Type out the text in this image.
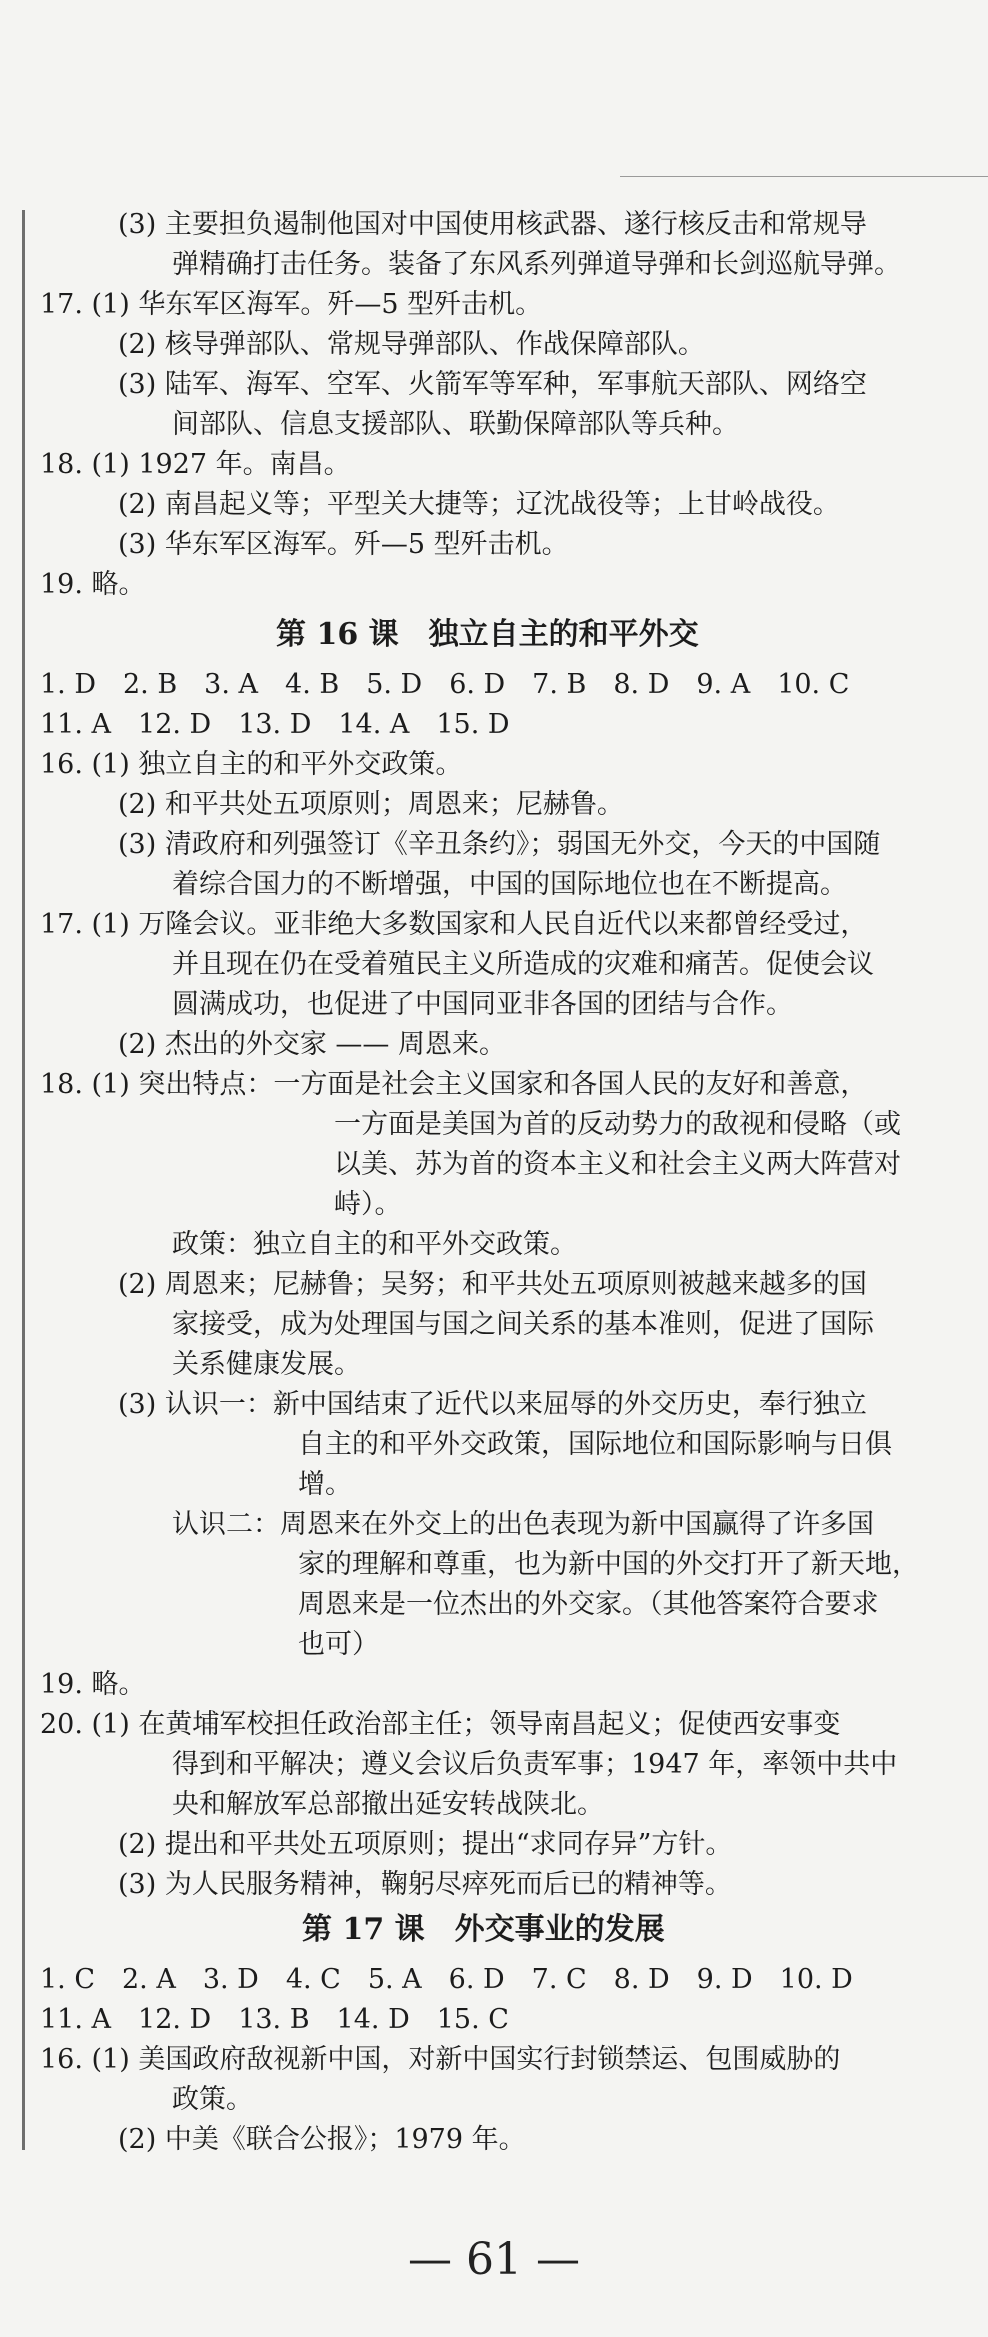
(3) 主要担负遏制他国对中国使用核武器、遂行核反击和常规导
弹精确打击任务。装备了东风系列弹道导弹和长剑巡航导弹。
17. (1) 华东军区海军。歼—5 型歼击机。
(2) 核导弹部队、常规导弹部队、作战保障部队。
(3) 陆军、海军、空军、火箭军等军种，军事航天部队、网络空
间部队、信息支援部队、联勤保障部队等兵种。
18. (1) 1927 年。南昌。
(2) 南昌起义等；平型关大捷等；辽沈战役等；上甘岭战役。
(3) 华东军区海军。歼—5 型歼击机。
19. 略。
第 16 课　独立自主的和平外交
1. D　2. B　3. A　4. B　5. D　6. D　7. B　8. D　9. A　10. C
11. A　12. D　13. D　14. A　15. D
16. (1) 独立自主的和平外交政策。
(2) 和平共处五项原则；周恩来；尼赫鲁。
(3) 清政府和列强签订《辛丑条约》；弱国无外交，今天的中国随
着综合国力的不断增强，中国的国际地位也在不断提高。
17. (1) 万隆会议。亚非绝大多数国家和人民自近代以来都曾经受过，
并且现在仍在受着殖民主义所造成的灾难和痛苦。促使会议
圆满成功，也促进了中国同亚非各国的团结与合作。
(2) 杰出的外交家 —— 周恩来。
18. (1) 突出特点：一方面是社会主义国家和各国人民的友好和善意，
一方面是美国为首的反动势力的敌视和侵略（或
以美、苏为首的资本主义和社会主义两大阵营对
峙）。
政策：独立自主的和平外交政策。
(2) 周恩来；尼赫鲁；吴努；和平共处五项原则被越来越多的国
家接受，成为处理国与国之间关系的基本准则，促进了国际
关系健康发展。
(3) 认识一：新中国结束了近代以来屈辱的外交历史，奉行独立
自主的和平外交政策，国际地位和国际影响与日俱
增。
认识二：周恩来在外交上的出色表现为新中国赢得了许多国
家的理解和尊重，也为新中国的外交打开了新天地，
周恩来是一位杰出的外交家。（其他答案符合要求
也可）
19. 略。
20. (1) 在黄埔军校担任政治部主任；领导南昌起义；促使西安事变
得到和平解决；遵义会议后负责军事；1947 年，率领中共中
央和解放军总部撤出延安转战陕北。
(2) 提出和平共处五项原则；提出“求同存异”方针。
(3) 为人民服务精神，鞠躬尽瘁死而后已的精神等。
第 17 课　外交事业的发展
1. C　2. A　3. D　4. C　5. A　6. D　7. C　8. D　9. D　10. D
11. A　12. D　13. B　14. D　15. C
16. (1) 美国政府敌视新中国，对新中国实行封锁禁运、包围威胁的
政策。
(2) 中美《联合公报》；1979 年。
— 61 —
